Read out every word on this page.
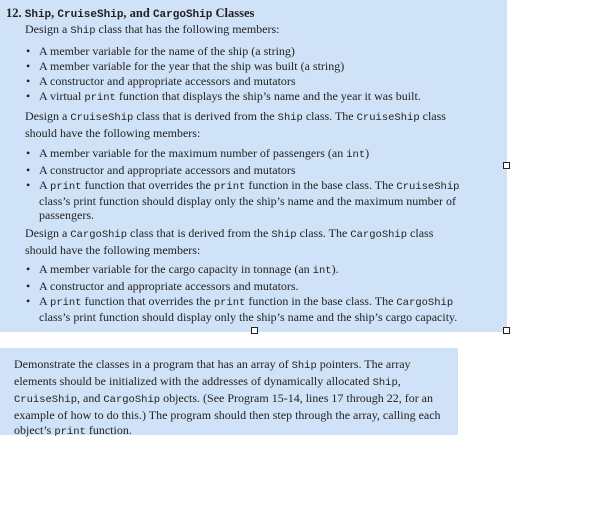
12. Ship, CruiseShip, and CargoShip Classes
Design a Ship class that has the following members:
• A member variable for the name of the ship (a string)
• A member variable for the year that the ship was built (a string)
• A constructor and appropriate accessors and mutators
• A virtual print function that displays the ship’s name and the year it was built.
Design a CruiseShip class that is derived from the Ship class. The CruiseShip class should have the following members:
• A member variable for the maximum number of passengers (an int)
• A constructor and appropriate accessors and mutators
• A print function that overrides the print function in the base class. The CruiseShip class’s print function should display only the ship’s name and the maximum number of passengers.
Design a CargoShip class that is derived from the Ship class. The CargoShip class should have the following members:
• A member variable for the cargo capacity in tonnage (an int).
• A constructor and appropriate accessors and mutators.
• A print function that overrides the print function in the base class. The CargoShip class’s print function should display only the ship’s name and the ship’s cargo capacity.
Demonstrate the classes in a program that has an array of Ship pointers. The array elements should be initialized with the addresses of dynamically allocated Ship, CruiseShip, and CargoShip objects. (See Program 15-14, lines 17 through 22, for an example of how to do this.) The program should then step through the array, calling each object’s print function.
